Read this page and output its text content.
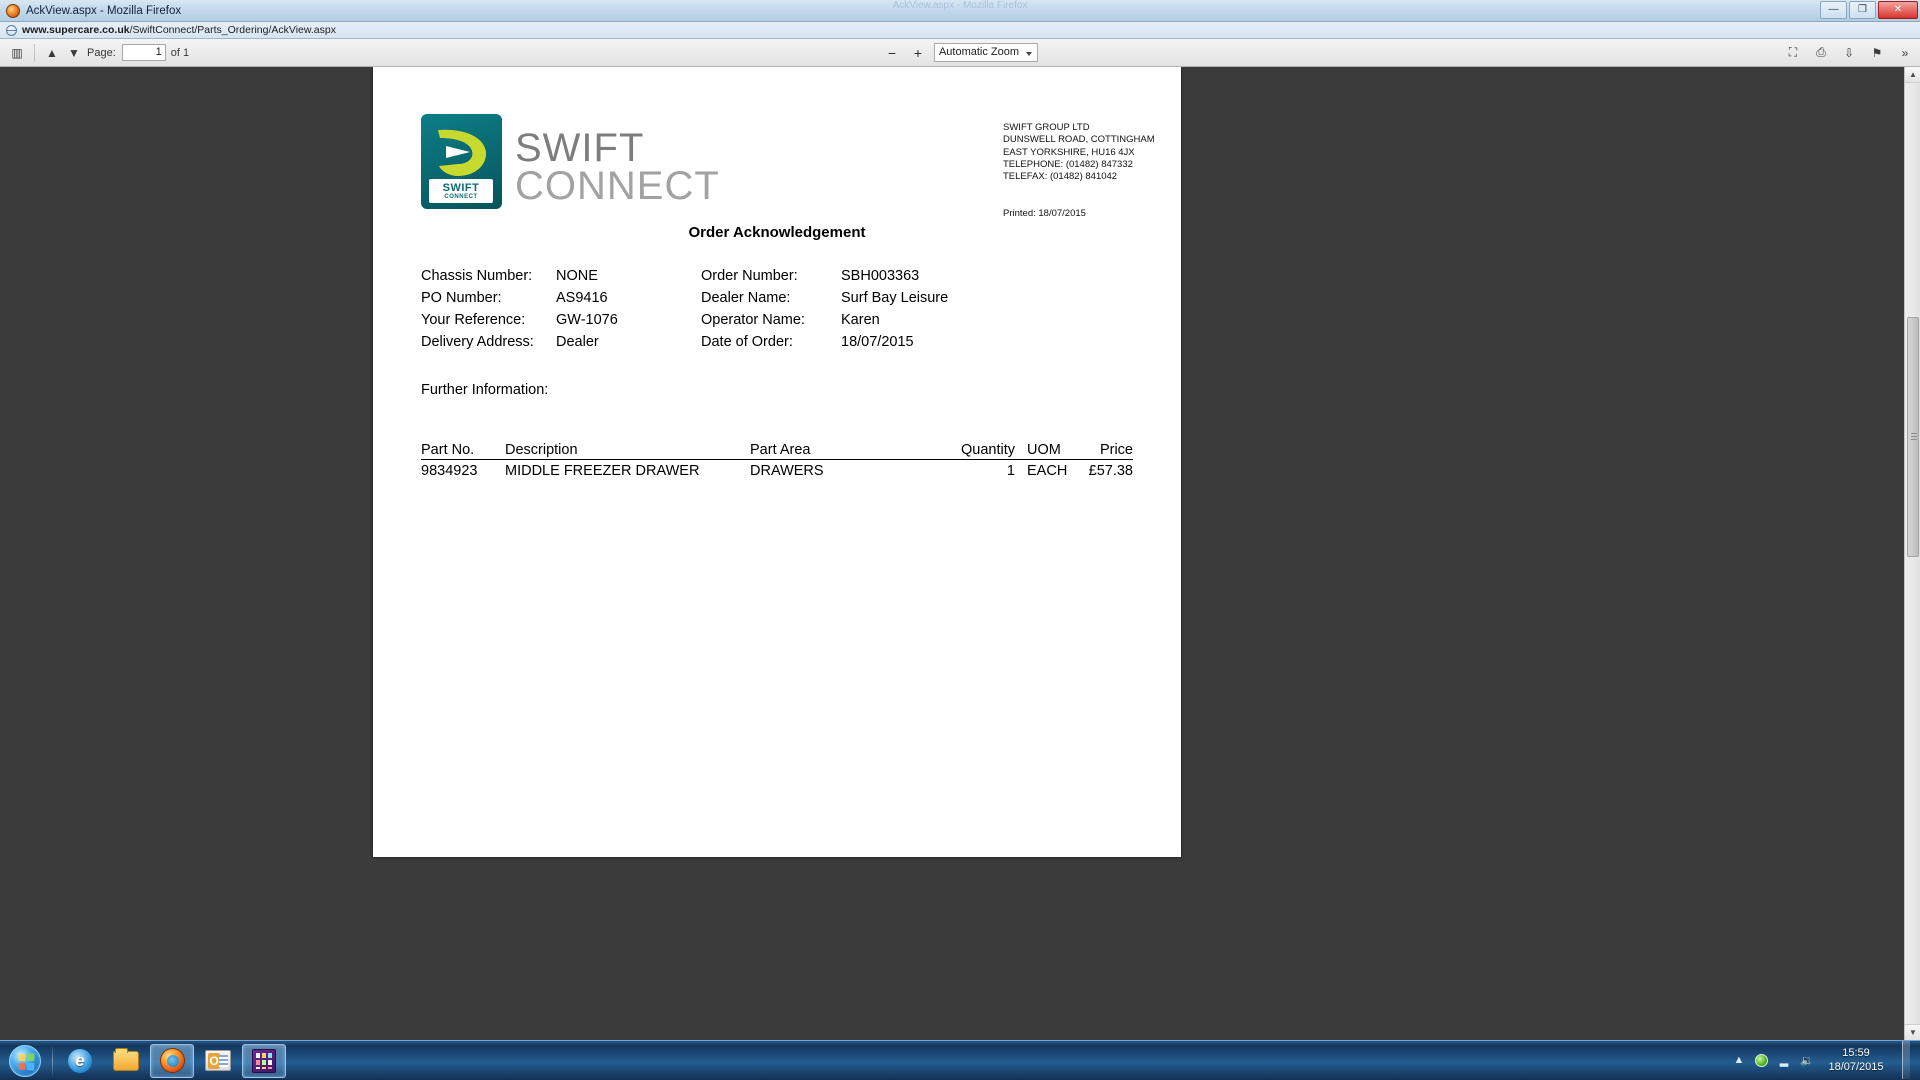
AckView.aspx - Mozilla Firefox	AckView.aspx - Mozilla Firefox	—	❐	✕
www.supercare.co.uk/SwiftConnect/Parts_Ordering/AckView.aspx
▥	▲ ▼ Page:	1 of 1	−	+	Automatic Zoom	⛶	⎙	⇩	⚑	»
SWIFT
CONNECT
SWIFT
CONNECT
SWIFT GROUP LTD
DUNSWELL ROAD, COTTINGHAM
EAST YORKSHIRE, HU16 4JX
TELEPHONE: (01482) 847332
TELEFAX: (01482) 841042
Printed: 18/07/2015
Order Acknowledgement
Chassis Number:	NONE	Order Number:	SBH003363
PO Number:	AS9416	Dealer Name:	Surf Bay Leisure
Your Reference:	GW-1076	Operator Name:	Karen
Delivery Address:	Dealer	Date of Order:	18/07/2015
Further Information:
Part No.	Description	Part Area	Quantity	UOM	Price
9834923	MIDDLE FREEZER DRAWER	DRAWERS	1	EACH	£57.38
▲
▼
e
O
▲	▂ 🔉
15:59
18/07/2015
